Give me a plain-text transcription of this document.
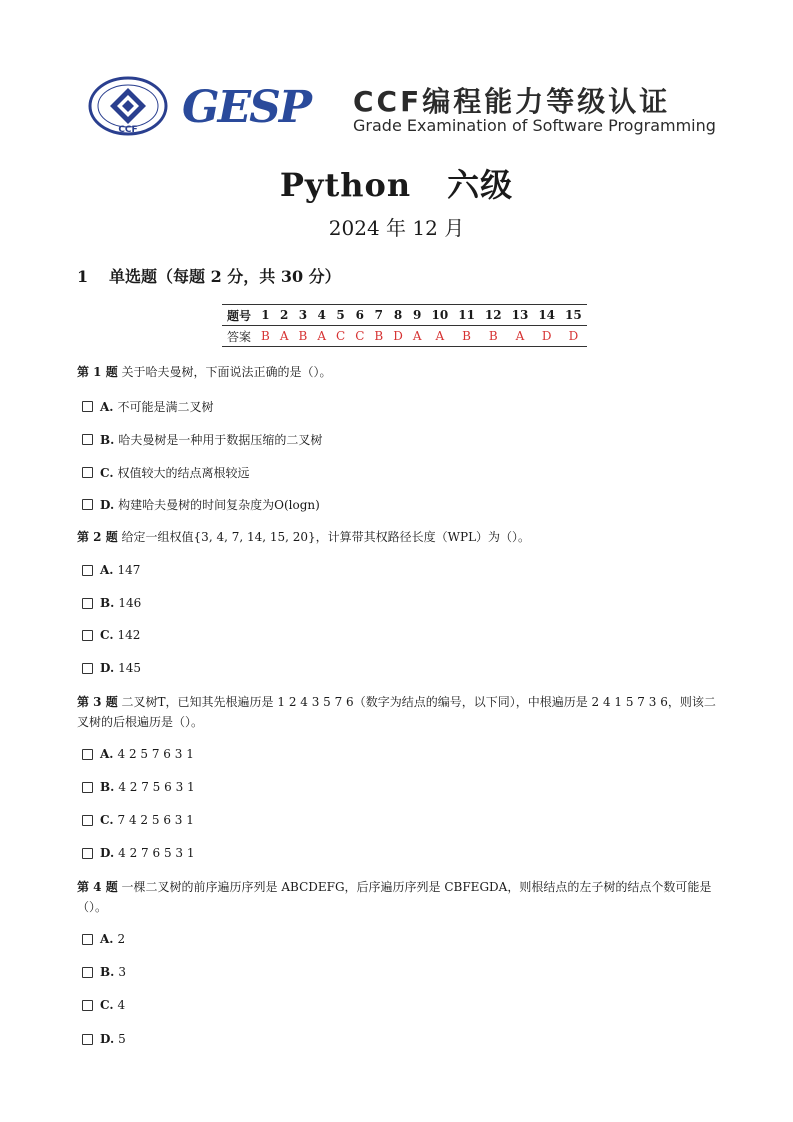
CCF GESP CCF编程能力等级认证
Grade Examination of Software Programming
Python 六级
2024 年 12 月
1 单选题（每题 2 分，共 30 分）
题号	1	2	3	4	5	6	7	8	9	10	11	12	13	14	15
答案	B	A	B	A	C	C	B	D	A	A	B	B	A	D	D
第 1 题 关于哈夫曼树，下面说法正确的是（）。
A. 不可能是满二叉树
B. 哈夫曼树是一种用于数据压缩的二叉树
C. 权值较大的结点离根较远
D. 构建哈夫曼树的时间复杂度为O(logn)
第 2 题 给定一组权值{3, 4, 7, 14, 15, 20}，计算带其权路径长度（WPL）为（）。
A. 147
B. 146
C. 142
D. 145
第 3 题 二叉树T，已知其先根遍历是 1 2 4 3 5 7 6（数字为结点的编号，以下同），中根遍历是 2 4 1 5 7 3 6，则该二叉树的后根遍历是（）。
A. 4 2 5 7 6 3 1
B. 4 2 7 5 6 3 1
C. 7 4 2 5 6 3 1
D. 4 2 7 6 5 3 1
第 4 题 一棵二叉树的前序遍历序列是 ABCDEFG，后序遍历序列是 CBFEGDA，则根结点的左子树的结点个数可能是（）。
A. 2
B. 3
C. 4
D. 5
